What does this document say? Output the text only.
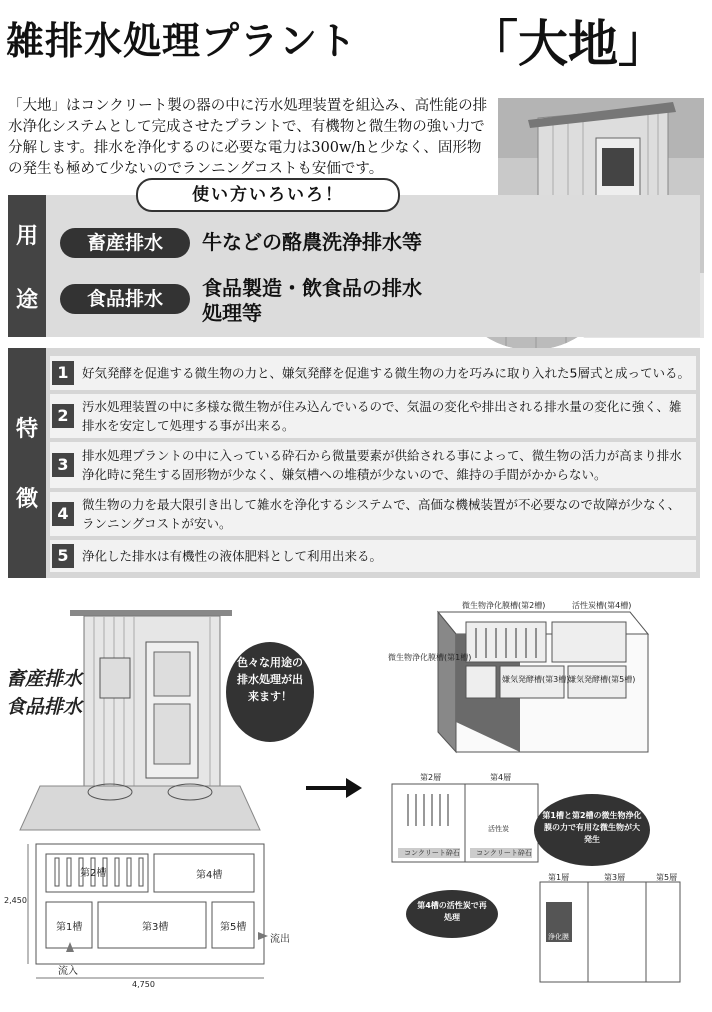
雑排水処理プラント 「大地」
「大地」はコンクリート製の器の中に汚水処理装置を組込み、高性能の排水浄化システムとして完成させたプラントで、有機物と微生物の強い力で分解します。排水を浄化するのに必要な電力は300w/hと少なく、固形物の発生も極めて少ないのでランニングコストも安価です。
用
途
使い方いろいろ！
畜産排水	牛などの酪農洗浄排水等
食品排水	食品製造・飲食品の排水処理等
特
徴
1	好気発酵を促進する微生物の力と、嫌気発酵を促進する微生物の力を巧みに取り入れた5層式と成っている。
2	汚水処理装置の中に多様な微生物が住み込んでいるので、気温の変化や排出される排水量の変化に強く、雑排水を安定して処理する事が出来る。
3	排水処理プラントの中に入っている砕石から微量要素が供給される事によって、微生物の活力が高まり排水浄化時に発生する固形物が少なく、嫌気槽への堆積が少ないので、維持の手間がかからない。
4	微生物の力を最大限引き出して雑水を浄化するシステムで、高価な機械装置が不必要なので故障が少なく、ランニングコストが安い。
5	浄化した排水は有機性の液体肥料として利用出来る。
畜産排水
食品排水
色々な用途の排水処理が出来ます！
第2槽	第4槽
第1槽	第3槽	第5槽
2,450
4,750
流入
流出
微生物浄化膜槽(第2槽)	活性炭槽(第4槽)
微生物浄化膜槽(第1槽)
嫌気発酵槽(第3槽)
嫌気発酵槽(第5槽)
第2層	第4層
活性炭
コンクリート砕石 コンクリート砕石
第1槽と第2槽の微生物浄化膜の力で有用な微生物が大発生
第4槽の活性炭で再処理
第1層	第3層	第5層
浄化膜
